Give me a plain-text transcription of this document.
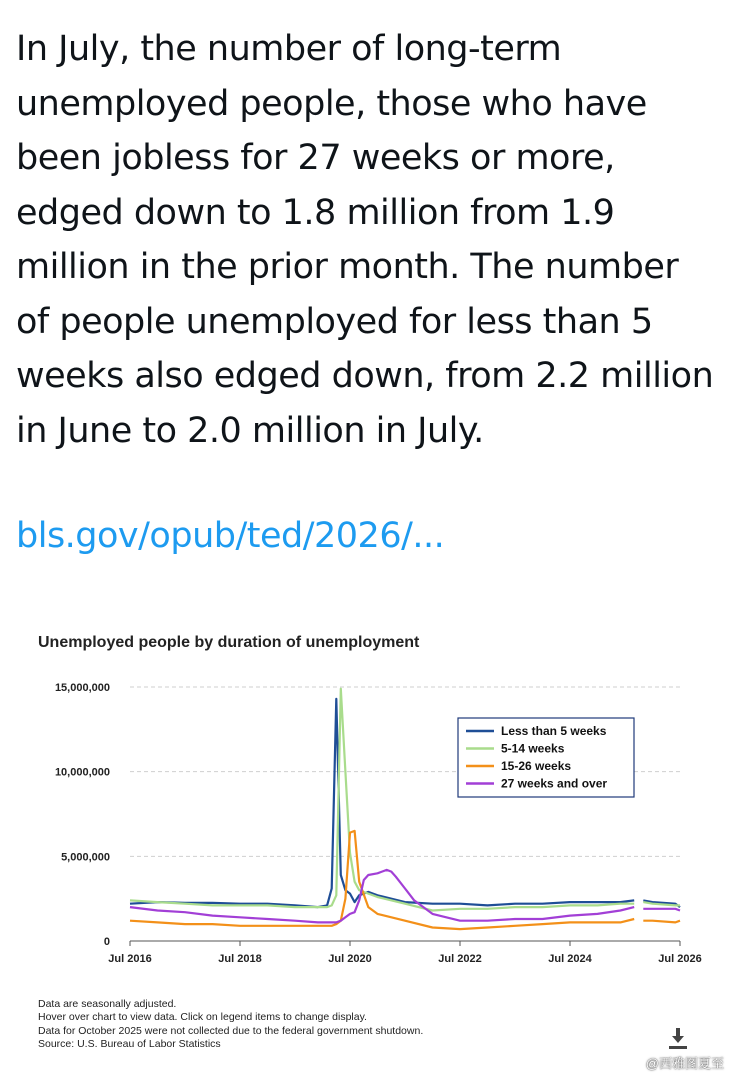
In July, the number of long-term unemployed people, those who have been jobless for 27 weeks or more, edged down to 1.8 million from 1.9 million in the prior month. The number of people unemployed for less than 5 weeks also edged down, from 2.2 million in June to 2.0 million in July.

bls.gov/opub/ted/2026/...
Unemployed people by duration of unemployment
0
5,000,000
10,000,000
15,000,000
Jul 2016	Jul 2018	Jul 2020	Jul 2022	Jul 2024	Jul 2026
Less than 5 weeks
5-14 weeks
15-26 weeks
27 weeks and over
Data are seasonally adjusted.
Hover over chart to view data. Click on legend items to change display.
Data for October 2025 were not collected due to the federal government shutdown.
Source: U.S. Bureau of Labor Statistics
@西雅图夏至
